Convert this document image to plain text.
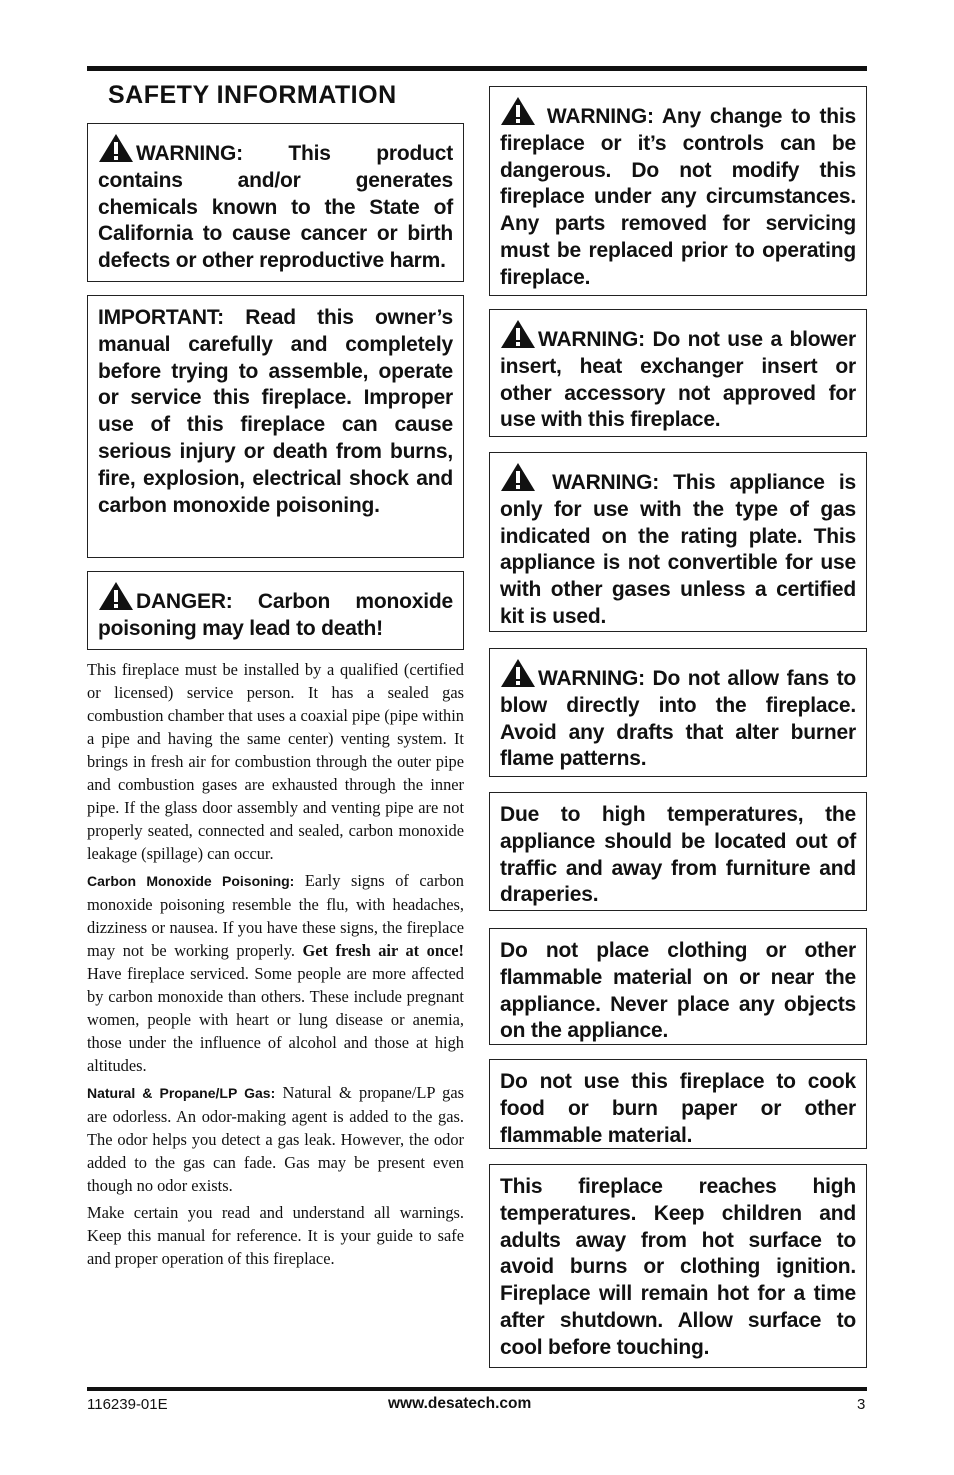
SAFETY INFORMATION
WARNING: This product contains and/or generates chemicals known to the State of California to cause cancer or birth defects or other reproductive harm.
IMPORTANT: Read this owner’s manual carefully and completely before trying to assemble, operate or service this fireplace. Improper use of this fireplace can cause serious injury or death from burns, fire, explosion, electrical shock and carbon monoxide poisoning.
DANGER: Carbon monoxide poisoning may lead to death!

This fireplace must be installed by a qualified (certified or licensed) service person. It has a sealed gas combustion chamber that uses a coaxial pipe (pipe within a pipe and having the same center) venting system. It brings in fresh air for combustion through the outer pipe and combustion gases are exhausted through the inner pipe. If the glass door assembly and venting pipe are not properly seated, connected and sealed, carbon monoxide leakage (spillage) can occur.

Carbon Monoxide Poisoning: Early signs of carbon monoxide poisoning resemble the flu, with headaches, dizziness or nausea. If you have these signs, the fireplace may not be working properly. Get fresh air at once! Have fireplace serviced. Some people are more affected by carbon monoxide than others. These include pregnant women, people with heart or lung disease or anemia, those under the influence of alcohol and those at high altitudes.

Natural & Propane/LP Gas: Natural & propane/LP gas are odorless. An odor-making agent is added to the gas. The odor helps you detect a gas leak. However, the odor added to the gas can fade. Gas may be present even though no odor exists.

Make certain you read and understand all warnings. Keep this manual for reference. It is your guide to safe and proper operation of this fireplace.

WARNING: Any change to this fireplace or it’s controls can be dangerous. Do not modify this fireplace under any circumstances. Any parts removed for servicing must be replaced prior to operating fireplace.
WARNING: Do not use a blower insert, heat exchanger insert or other accessory not approved for use with this fireplace.
WARNING: This appliance is only for use with the type of gas indicated on the rating plate. This appliance is not convertible for use with other gases unless a certified kit is used.
WARNING: Do not allow fans to blow directly into the fireplace. Avoid any drafts that alter burner flame patterns.
Due to high temperatures, the appliance should be located out of traffic and away from furniture and draperies.
Do not place clothing or other flammable material on or near the appliance. Never place any objects on the appliance.
Do not use this fireplace to cook food or burn paper or other flammable material.
This fireplace reaches high temperatures. Keep children and adults away from hot surface to avoid burns or clothing ignition. Fireplace will remain hot for a time after shutdown. Allow surface to cool before touching.
116239-01E	www.desatech.com	3
